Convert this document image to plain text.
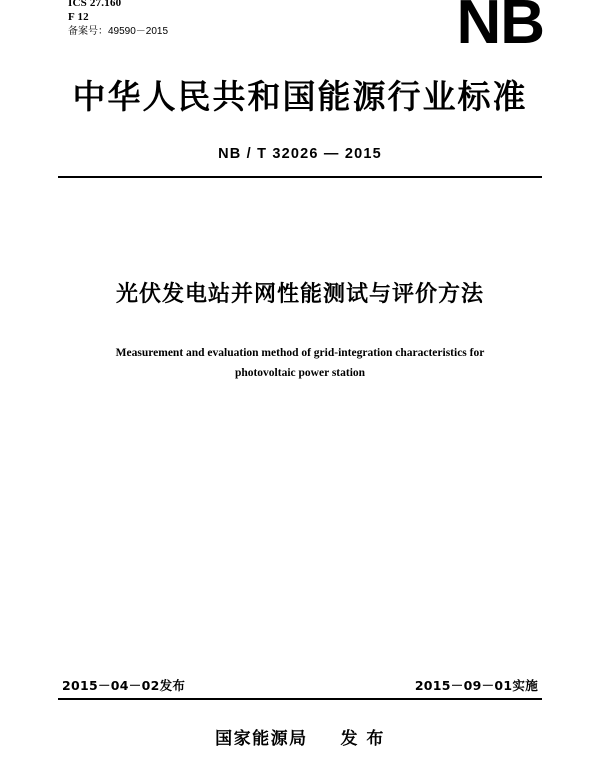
ICS 27.160
F 12
备案号：49590－2015	NB
中华人民共和国能源行业标准
NB / T 32026 — 2015
光伏发电站并网性能测试与评价方法
Measurement and evaluation method of grid-integration characteristics for
photovoltaic power station
2015－04－02发布	2015－09－01实施
国家能源局 发 布
